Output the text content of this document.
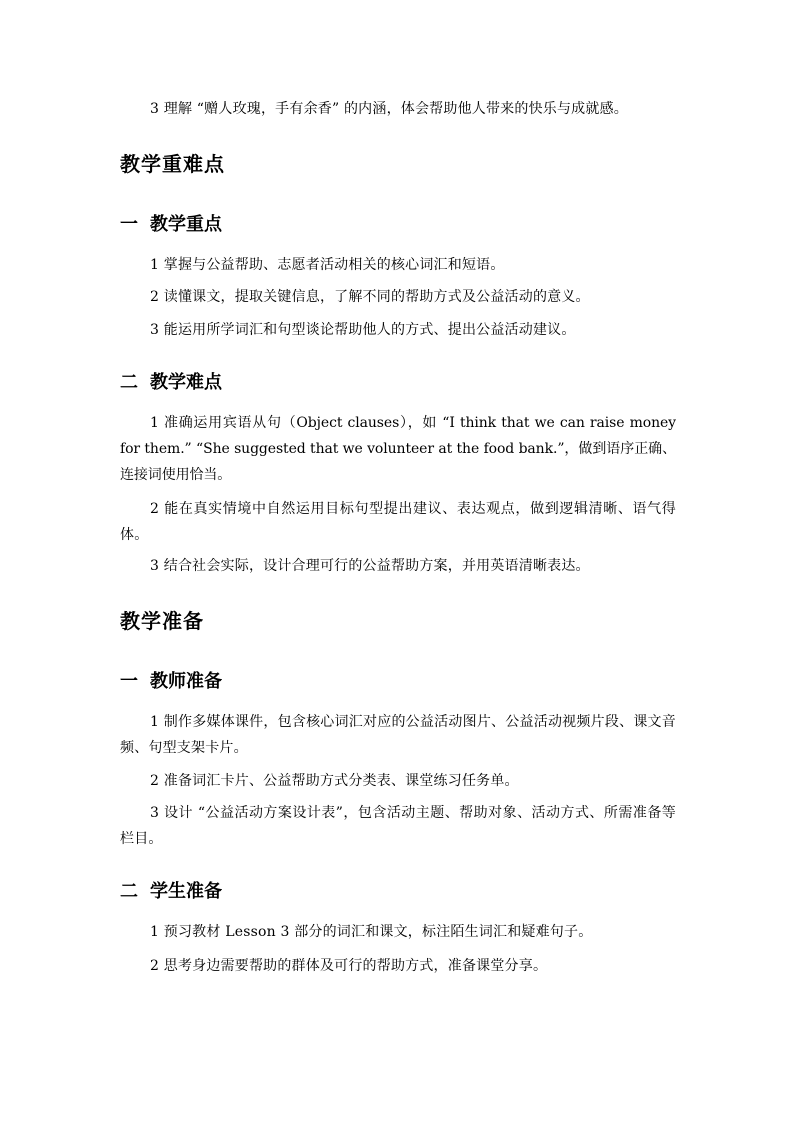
3 理解 “赠人玫瑰，手有余香” 的内涵，体会帮助他人带来的快乐与成就感。

教学重难点
一 教学重点

1 掌握与公益帮助、志愿者活动相关的核心词汇和短语。

2 读懂课文，提取关键信息，了解不同的帮助方式及公益活动的意义。

3 能运用所学词汇和句型谈论帮助他人的方式、提出公益活动建议。

二 教学难点

1 准确运用宾语从句（Object clauses），如 “I think that we can raise money for them.” “She suggested that we volunteer at the food bank.”，做到语序正确、连接词使用恰当。

2 能在真实情境中自然运用目标句型提出建议、表达观点，做到逻辑清晰、语气得体。

3 结合社会实际，设计合理可行的公益帮助方案，并用英语清晰表达。

教学准备
一 教师准备

1 制作多媒体课件，包含核心词汇对应的公益活动图片、公益活动视频片段、课文音频、句型支架卡片。

2 准备词汇卡片、公益帮助方式分类表、课堂练习任务单。

3 设计 “公益活动方案设计表”，包含活动主题、帮助对象、活动方式、所需准备等栏目。

二 学生准备

1 预习教材 Lesson 3 部分的词汇和课文，标注陌生词汇和疑难句子。

2 思考身边需要帮助的群体及可行的帮助方式，准备课堂分享。
